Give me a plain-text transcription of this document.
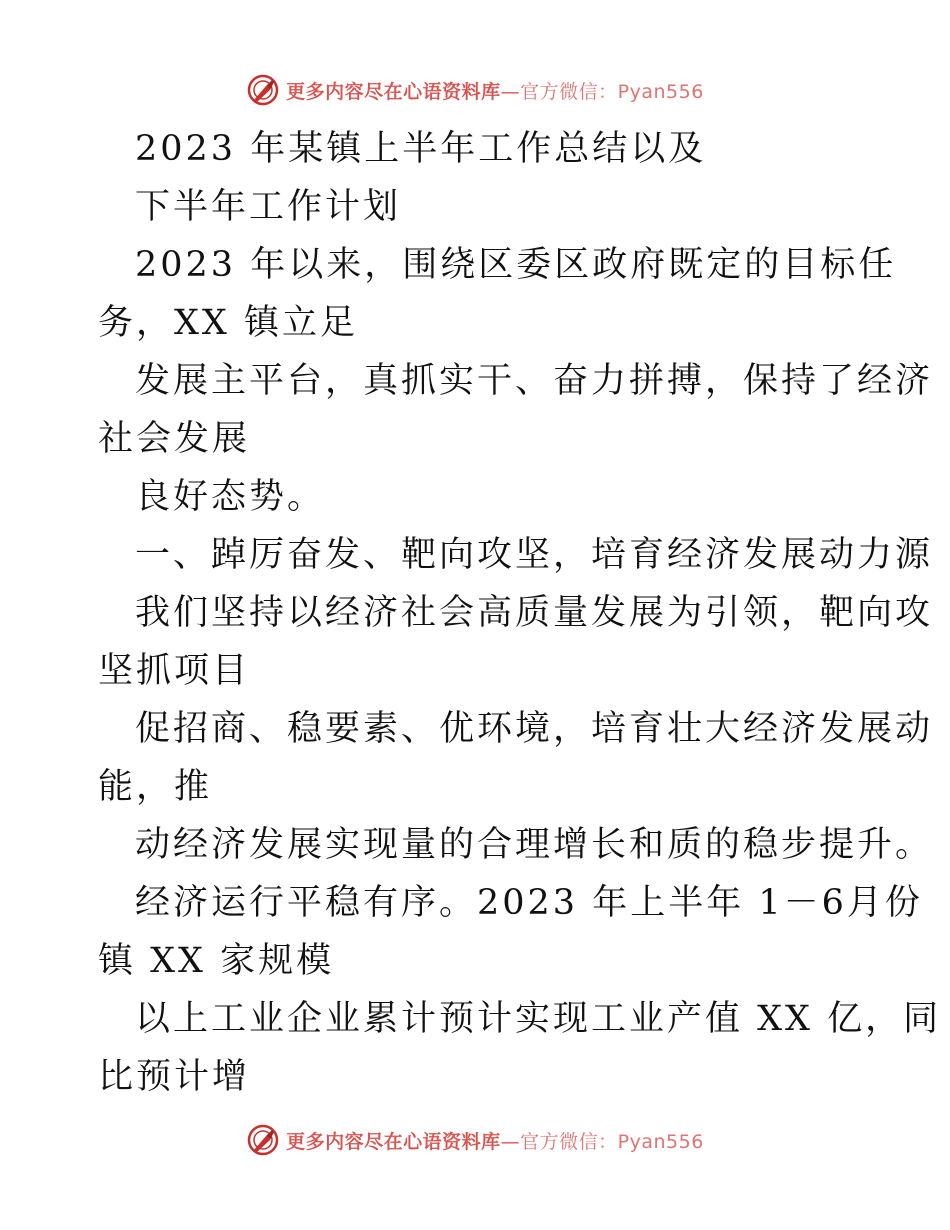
更多内容尽在心语资料库—官方微信：Pyan556
2023 年某镇上半年工作总结以及
下半年工作计划
2023 年以来，围绕区委区政府既定的目标任
务，XX 镇立足
发展主平台，真抓实干、奋力拼搏，保持了经济
社会发展
良好态势。
一、踔厉奋发、靶向攻坚，培育经济发展动力源
我们坚持以经济社会高质量发展为引领，靶向攻
坚抓项目
促招商、稳要素、优环境，培育壮大经济发展动
能，推
动经济发展实现量的合理增长和质的稳步提升。
经济运行平稳有序。2023 年上半年 1－6月份
镇 XX 家规模
以上工业企业累计预计实现工业产值 XX 亿，同
比预计增
更多内容尽在心语资料库—官方微信：Pyan556
